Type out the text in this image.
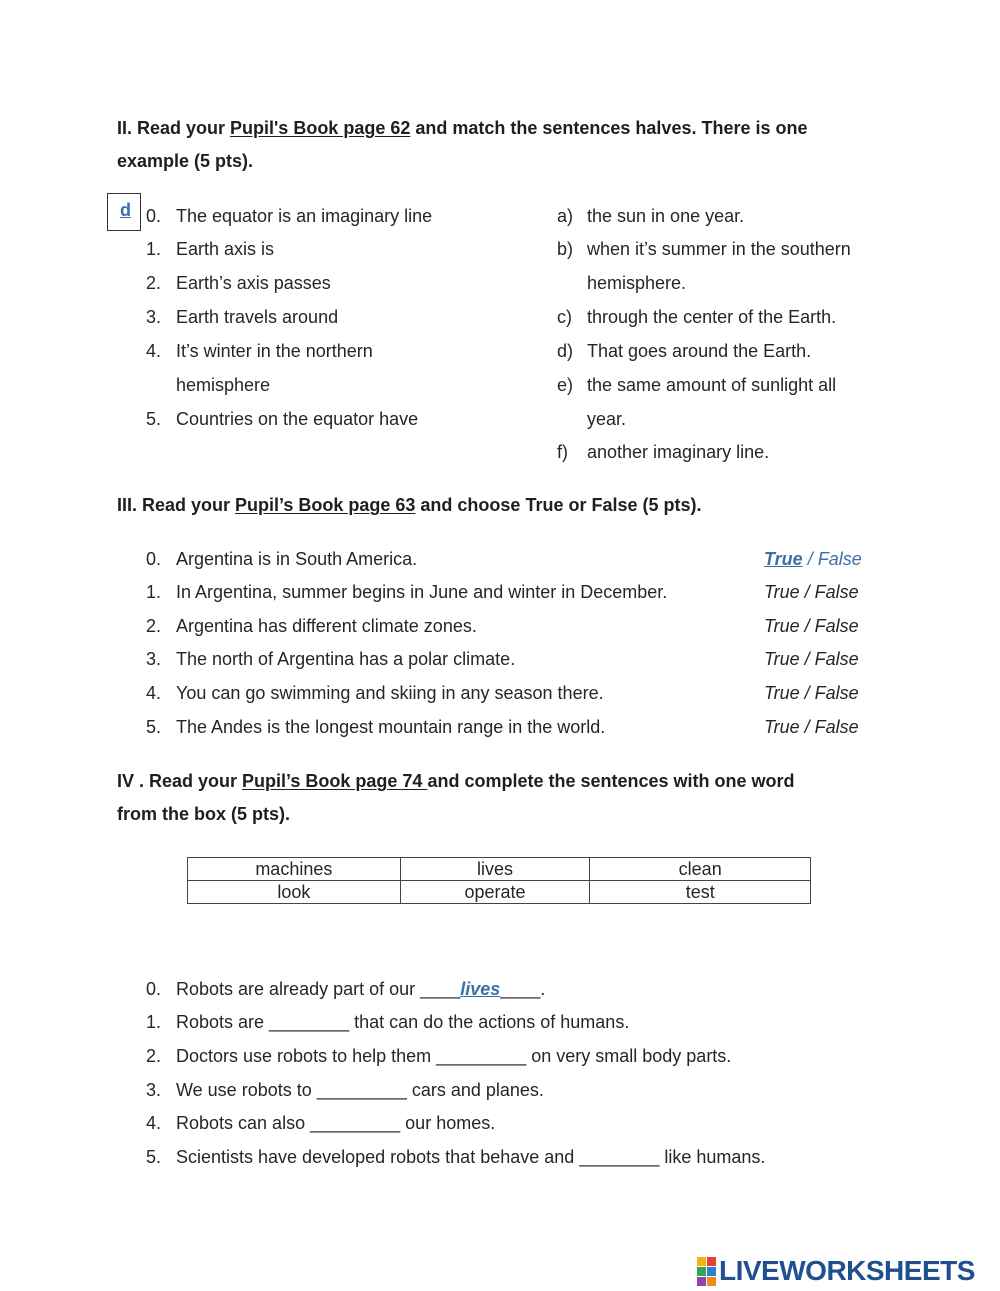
II. Read your Pupil's Book page 62 and match the sentences halves. There is one
example (5 pts).
d 0. The equator is an imaginary line
1. Earth axis is
2. Earth’s axis passes
3. Earth travels around
4. It’s winter in the northern
hemisphere
5. Countries on the equator have
a) the sun in one year.
b) when it’s summer in the southern
hemisphere.
c) through the center of the Earth.
d) That goes around the Earth.
e) the same amount of sunlight all
year.
f) another imaginary line.
III. Read your Pupil’s Book page 63 and choose True or False (5 pts).
0. Argentina is in South America.	True / False
1. In Argentina, summer begins in June and winter in December.	True / False
2. Argentina has different climate zones.	True / False
3. The north of Argentina has a polar climate.	True / False
4. You can go swimming and skiing in any season there.	True / False
5. The Andes is the longest mountain range in the world.	True / False
IV . Read your Pupil’s Book page 74 and complete the sentences with one word
from the box (5 pts).
machines	lives	clean
look	operate	test
0. Robots are already part of our ____lives____.
1. Robots are ________ that can do the actions of humans.
2. Doctors use robots to help them _________ on very small body parts.
3. We use robots to _________ cars and planes.
4. Robots can also _________ our homes.
5. Scientists have developed robots that behave and ________ like humans.
LIVEWORKSHEETS
